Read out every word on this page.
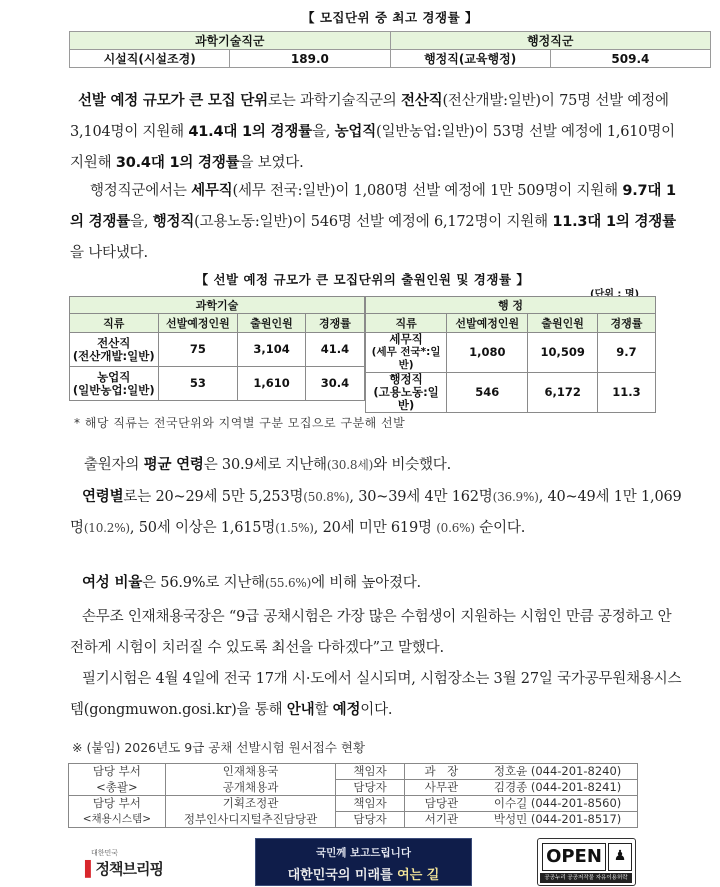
【 모집단위 중 최고 경쟁률 】
과학기술직군		행정직군	
시설직(시설조경)	189.0	행정직(교육행정)	509.4
선발 예정 규모가 큰 모집 단위로는 과학기술직군의 전산직(전산개발:일반)이 75명 선발 예정에 3,104명이 지원해 41.4대 1의 경쟁률을, 농업직(일반농업:일반)이 53명 선발 예정에 1,610명이 지원해 30.4대 1의 경쟁률을 보였다.
행정직군에서는 세무직(세무 전국:일반)이 1,080명 선발 예정에 1만 509명이 지원해 9.7대 1의 경쟁률을, 행정직(고용노동:일반)이 546명 선발 예정에 6,172명이 지원해 11.3대 1의 경쟁률을 나타냈다.
【 선발 예정 규모가 큰 모집단위의 출원인원 및 경쟁률 】
(단위 : 명)
과학기술			
직류	선발예정인원	출원인원	경쟁률

전산직
(전산개발:일반)	75	3,104	41.4

농업직
(일반농업:일반)	53	1,610	30.4
행 정			
직류	선발예정인원	출원인원	경쟁률

세무직
(세무 전국*:일반)	1,080	10,509	9.7

행정직
(고용노동:일반)	546	6,172	11.3
* 해당 직류는 전국단위와 지역별 구분 모집으로 구분해 선발
출원자의 평균 연령은 30.9세로 지난해(30.8세)와 비슷했다.
연령별로는 20~29세 5만 5,253명(50.8%), 30~39세 4만 162명(36.9%), 40~49세 1만 1,069명(10.2%), 50세 이상은 1,615명(1.5%), 20세 미만 619명 (0.6%) 순이다.
여성 비율은 56.9%로 지난해(55.6%)에 비해 높아졌다.
손무조 인재채용국장은 “9급 공채시험은 가장 많은 수험생이 지원하는 시험인 만큼 공정하고 안전하게 시험이 치러질 수 있도록 최선을 다하겠다”고 말했다.
필기시험은 4월 4일에 전국 17개 시·도에서 실시되며, 시험장소는 3월 27일 국가공무원채용시스템(gongmuwon.gosi.kr)을 통해 안내할 예정이다.
※ (붙임) 2026년도 9급 공채 선발시험 원서접수 현황
담당 부서	인재채용국	책임자	과　장	정호윤 (044-201-8240)
<총괄>	공개채용과	담당자	사무관	김경종 (044-201-8241)
담당 부서	기획조정관	책임자	담당관	이수길 (044-201-8560)
<채용시스템>	정부인사디지털추진담당관	담당자	서기관	박성민 (044-201-8517)
대한민국
▌정책브리핑
국민께 보고드립니다
대한민국의 미래를 여는 길
OPEN ♟
공공누리 공공저작물 자유이용허락
